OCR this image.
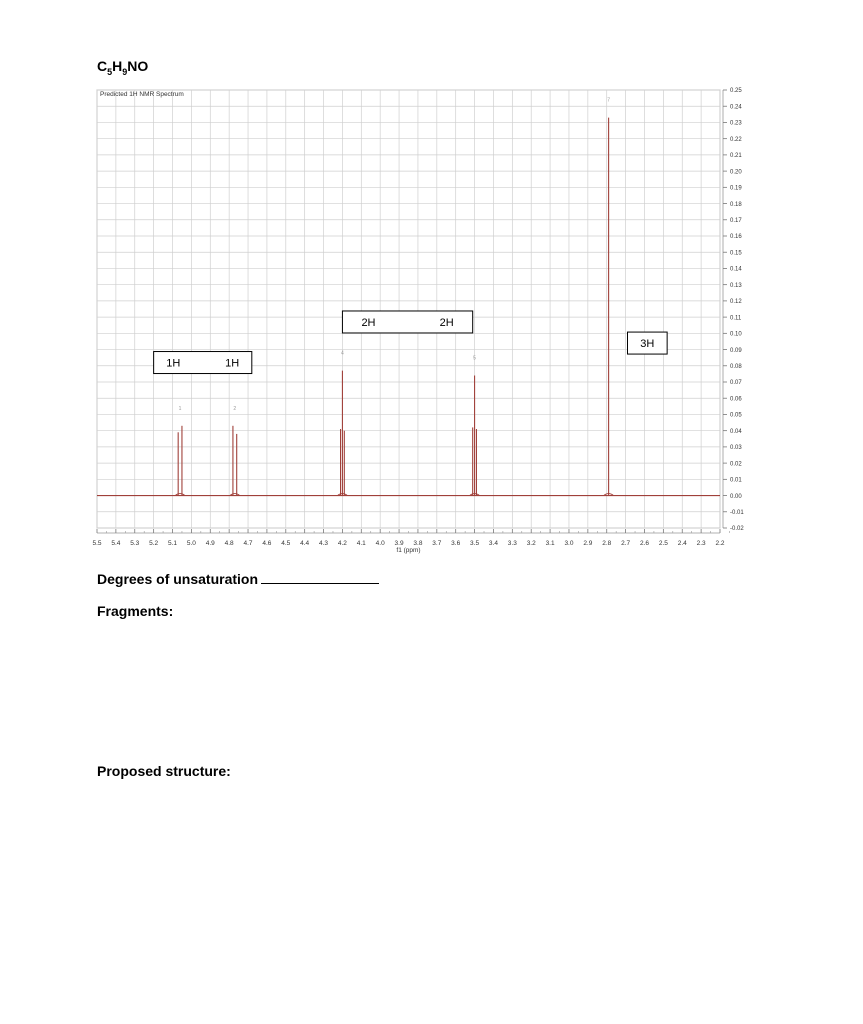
$C_5H_9NO$
Predicted 1H NMR Spectrum
5.5 5.4 5.3 5.2 5.1 5.0 4.9 4.8 4.7 4.6 4.5 4.4 4.3 4.2 4.1 4.0 3.9 3.8 3.7 3.6 3.5 3.4 3.3 3.2 3.1 3.0 2.9 2.8 2.7 2.6 2.5 2.4 2.3 2.2
f1 (ppm)
0.25
0.24
0.23
0.22
0.21
0.20
0.19
0.18
0.17
0.16
0.15
0.14
0.13
0.12
0.11
0.10
0.09
0.08
0.07
0.06
0.05
0.04
0.03
0.02
0.01
0.00
-0.01
-0.02
1	2
4
5
7
1H	1H
2H	2H
3H
Degrees of unsaturation
Fragments:
Proposed structure:
